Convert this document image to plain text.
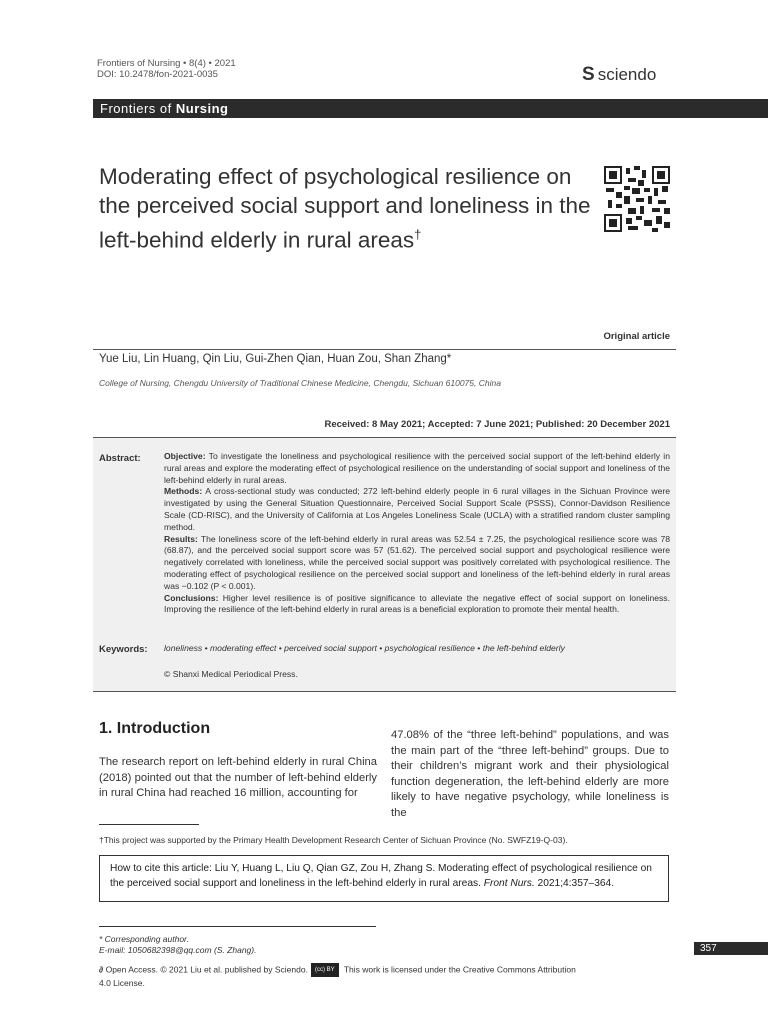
Frontiers of Nursing • 8(4) • 2021
DOI: 10.2478/fon-2021-0035	S sciendo
Frontiers of Nursing
Moderating effect of psychological resilience on the perceived social support and loneliness in the left-behind elderly in rural areas†
Original article
Yue Liu, Lin Huang, Qin Liu, Gui-Zhen Qian, Huan Zou, Shan Zhang*
College of Nursing, Chengdu University of Traditional Chinese Medicine, Chengdu, Sichuan 610075, China
Received: 8 May 2021; Accepted: 7 June 2021; Published: 20 December 2021
Abstract:	Objective: To investigate the loneliness and psychological resilience with the perceived social support of the left-behind elderly in rural areas and explore the moderating effect of psychological resilience on the understanding of social support and loneliness of the left-behind elderly in rural areas.

Methods: A cross-sectional study was conducted; 272 left-behind elderly people in 6 rural villages in the Sichuan Province were investigated by using the General Situation Questionnaire, Perceived Social Support Scale (PSSS), Connor-Davidson Resilience Scale (CD-RISC), and the University of California at Los Angeles Loneliness Scale (UCLA) with a stratified random cluster sampling method.

Results: The loneliness score of the left-behind elderly in rural areas was 52.54 ± 7.25, the psychological resilience score was 78 (68.87), and the perceived social support score was 57 (51.62). The perceived social support and psychological resilience were negatively correlated with loneliness, while the perceived social support was positively correlated with psychological resilience. The moderating effect of psychological resilience on the perceived social support and loneliness of the left-behind elderly in rural areas was −0.102 (P < 0.001).

Conclusions: Higher level resilience is of positive significance to alleviate the negative effect of social support on loneliness. Improving the resilience of the left-behind elderly in rural areas is a beneficial exploration to promote their mental health.

Keywords: loneliness • moderating effect • perceived social support • psychological resilience • the left-behind elderly
© Shanxi Medical Periodical Press.
1. Introduction
The research report on left-behind elderly in rural China (2018) pointed out that the number of left-behind elderly in rural China had reached 16 million, accounting for
47.08% of the “three left-behind” populations, and was the main part of the “three left-behind” groups. Due to their children’s migrant work and their physiological function degeneration, the left-behind elderly are more likely to have negative psychology, while loneliness is the
†This project was supported by the Primary Health Development Research Center of Sichuan Province (No. SWFZ19-Q-03).
How to cite this article: Liu Y, Huang L, Liu Q, Qian GZ, Zou H, Zhang S. Moderating effect of psychological resilience on the perceived social support and loneliness in the left-behind elderly in rural areas. Front Nurs. 2021;4:357–364.
* Corresponding author.
E-mail: 1050682398@qq.com (S. Zhang).
∂ Open Access. © 2021 Liu et al. published by Sciendo. (cc) BY This work is licensed under the Creative Commons Attribution 4.0 License.
357
